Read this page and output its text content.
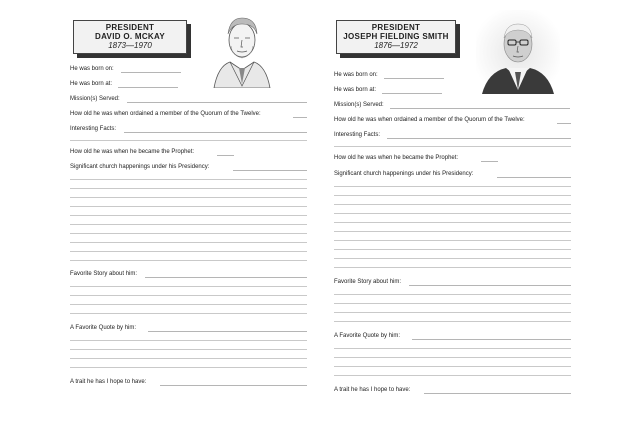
PRESIDENT
DAVID O. MCKAY
1873—1970
He was born on:
He was born at:
Mission(s) Served:
How old he was when ordained a member of the Quorum of the Twelve:
Interesting Facts:
How old he was when he became the Prophet:
Significant church happenings under his Presidency:
Favorite Story about him:
A Favorite Quote by him:
A trait he has I hope to have:
PRESIDENT
JOSEPH FIELDING SMITH
1876—1972
He was born on:
He was born at:
Mission(s) Served:
How old he was when ordained a member of the Quorum of the Twelve:
Interesting Facts:
How old he was when he became the Prophet:
Significant church happenings under his Presidency:
Favorite Story about him:
A Favorite Quote by him:
A trait he has I hope to have:
